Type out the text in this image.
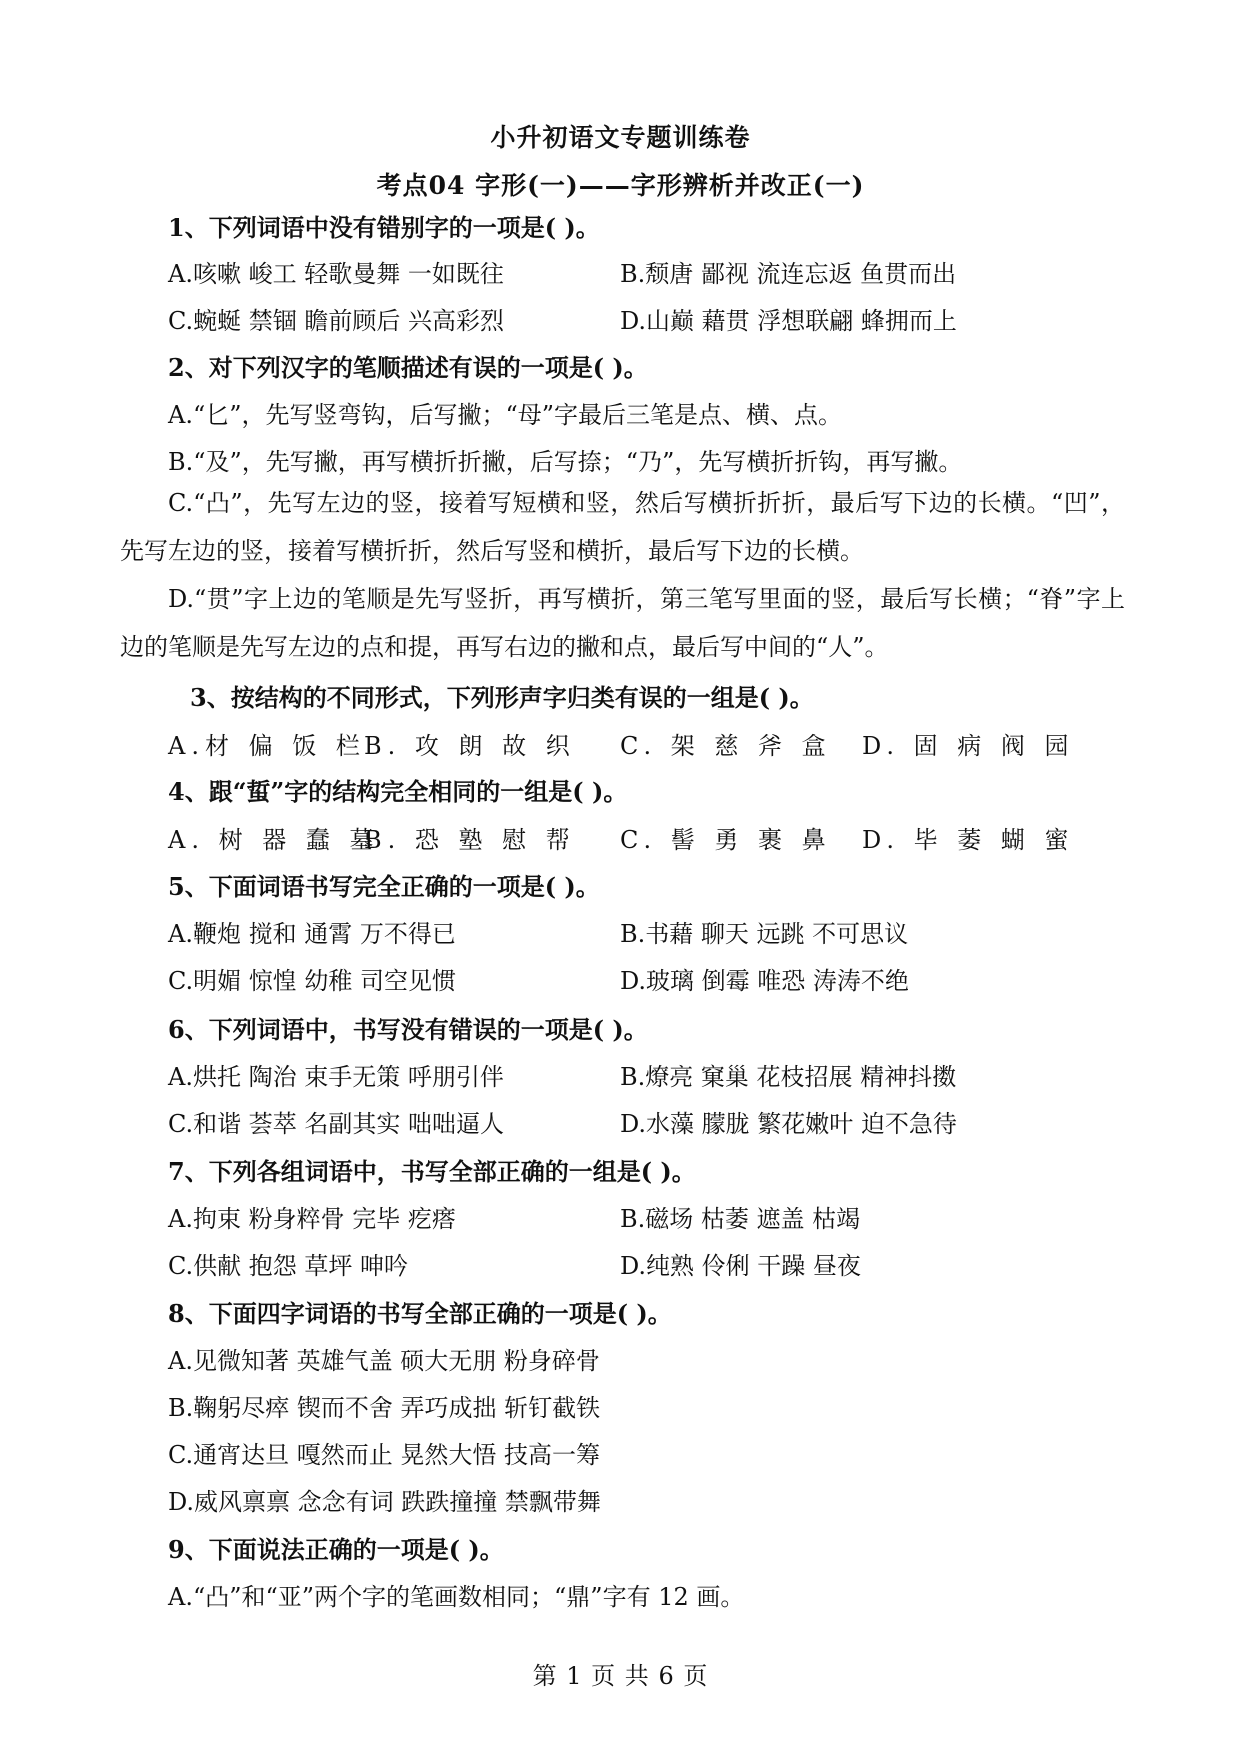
小升初语文专题训练卷
考点04 字形(一)——字形辨析并改正(一)
1、下列词语中没有错别字的一项是( )。
A.咳嗽 峻工 轻歌曼舞 一如既往	B.颓唐 鄙视 流连忘返 鱼贯而出
C.蜿蜒 禁锢 瞻前顾后 兴高彩烈	D.山巅 藉贯 浮想联翩 蜂拥而上
2、对下列汉字的笔顺描述有误的一项是( )。
A.“匕”，先写竖弯钩，后写撇；“母”字最后三笔是点、横、点。
B.“及”，先写撇，再写横折折撇，后写捺；“乃”，先写横折折钩，再写撇。
C.“凸”，先写左边的竖，接着写短横和竖，然后写横折折折，最后写下边的长横。“凹”，先写左边的竖，接着写横折折，然后写竖和横折，最后写下边的长横。
D.“贯”字上边的笔顺是先写竖折，再写横折，第三笔写里面的竖，最后写长横；“脊”字上边的笔顺是先写左边的点和提，再写右边的撇和点，最后写中间的“人”。
3、按结构的不同形式，下列形声字归类有误的一组是( )。
A.材 偏 饭 栏
B. 攻 朗 故 织 C. 架 慈 斧 盒 D. 固 病 阀 园
4、跟“蜇”字的结构完全相同的一组是( )。
A. 树 器 蠢 墓
B. 恐 塾 慰 帮 C. 髻 勇 裹 鼻 D. 毕 萎 蝴 蜜
5、下面词语书写完全正确的一项是( )。
A.鞭炮 搅和 通霄 万不得已	B.书藉 聊天 远跳 不可思议
C.明媚 惊惶 幼稚 司空见惯	D.玻璃 倒霉 唯恐 涛涛不绝
6、下列词语中，书写没有错误的一项是( )。
A.烘托 陶治 束手无策 呼朋引伴	B.燎亮 窠巢 花枝招展 精神抖擞
C.和谐 荟萃 名副其实 咄咄逼人	D.水藻 朦胧 繁花嫩叶 迫不急待
7、下列各组词语中，书写全部正确的一组是( )。
A.拘束 粉身粹骨 完毕 疙瘩	B.磁场 枯萎 遮盖 枯竭
C.供献 抱怨 草坪 呻吟	D.纯熟 伶俐 干躁 昼夜
8、下面四字词语的书写全部正确的一项是( )。
A.见微知著 英雄气盖 硕大无朋 粉身碎骨
B.鞠躬尽瘁 锲而不舍 弄巧成拙 斩钉截铁
C.通宵达旦 嘎然而止 晃然大悟 技高一筹
D.威风禀禀 念念有词 跌跌撞撞 禁飘带舞
9、下面说法正确的一项是( )。
A.“凸”和“亚”两个字的笔画数相同；“鼎”字有 12 画。
第 1 页 共 6 页
